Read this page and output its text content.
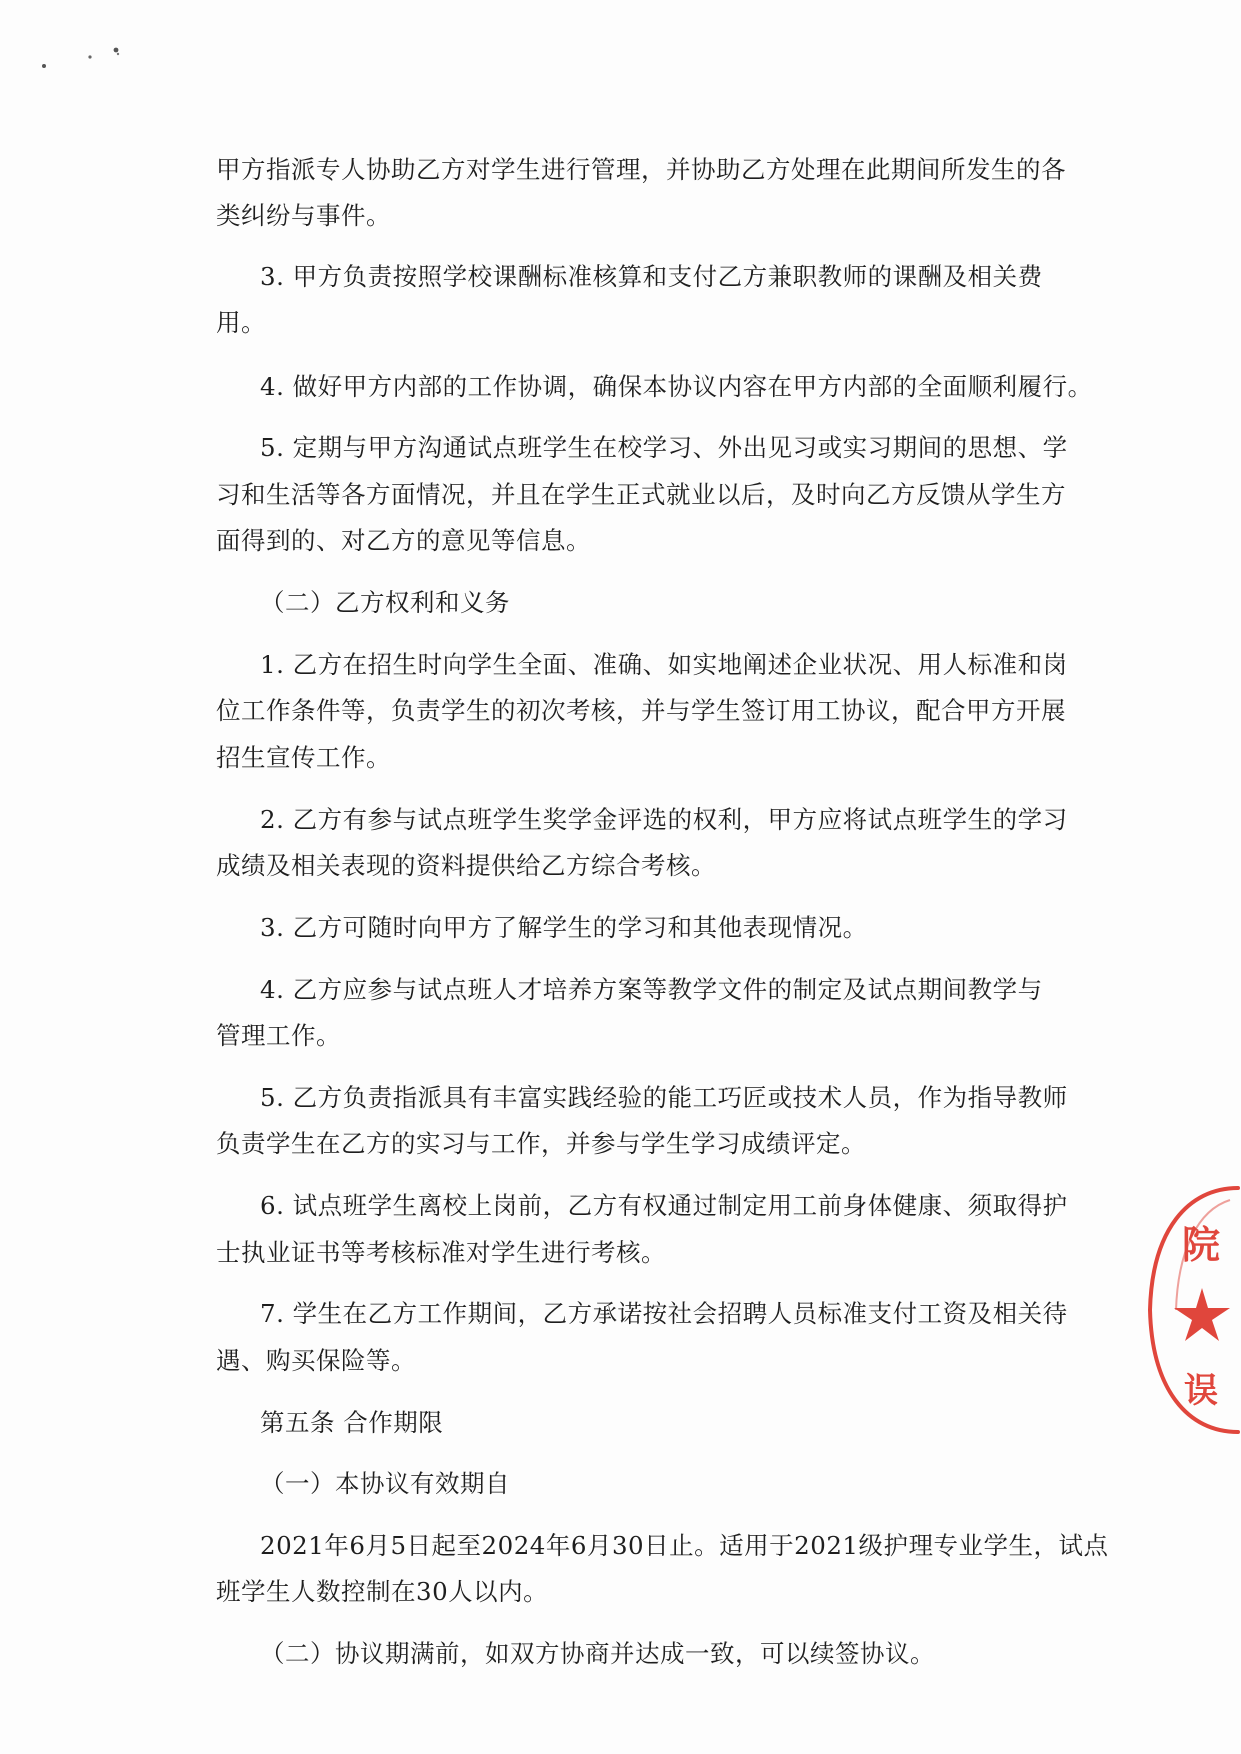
甲方指派专人协助乙方对学生进行管理，并协助乙方处理在此期间所发生的各
类纠纷与事件。
3. 甲方负责按照学校课酬标准核算和支付乙方兼职教师的课酬及相关费
用。
4. 做好甲方内部的工作协调，确保本协议内容在甲方内部的全面顺利履行。
5. 定期与甲方沟通试点班学生在校学习、外出见习或实习期间的思想、学
习和生活等各方面情况，并且在学生正式就业以后，及时向乙方反馈从学生方
面得到的、对乙方的意见等信息。
（二）乙方权利和义务
1. 乙方在招生时向学生全面、准确、如实地阐述企业状况、用人标准和岗
位工作条件等，负责学生的初次考核，并与学生签订用工协议，配合甲方开展
招生宣传工作。
2. 乙方有参与试点班学生奖学金评选的权利，甲方应将试点班学生的学习
成绩及相关表现的资料提供给乙方综合考核。
3. 乙方可随时向甲方了解学生的学习和其他表现情况。
4. 乙方应参与试点班人才培养方案等教学文件的制定及试点期间教学与
管理工作。
5. 乙方负责指派具有丰富实践经验的能工巧匠或技术人员，作为指导教师
负责学生在乙方的实习与工作，并参与学生学习成绩评定。
6. 试点班学生离校上岗前，乙方有权通过制定用工前身体健康、须取得护
士执业证书等考核标准对学生进行考核。
7. 学生在乙方工作期间，乙方承诺按社会招聘人员标准支付工资及相关待
遇、购买保险等。
第五条 合作期限
（一）本协议有效期自
2021年6月5日起至2024年6月30日止。适用于2021级护理专业学生，试点
班学生人数控制在30人以内。
（二）协议期满前，如双方协商并达成一致，可以续签协议。
院
误
